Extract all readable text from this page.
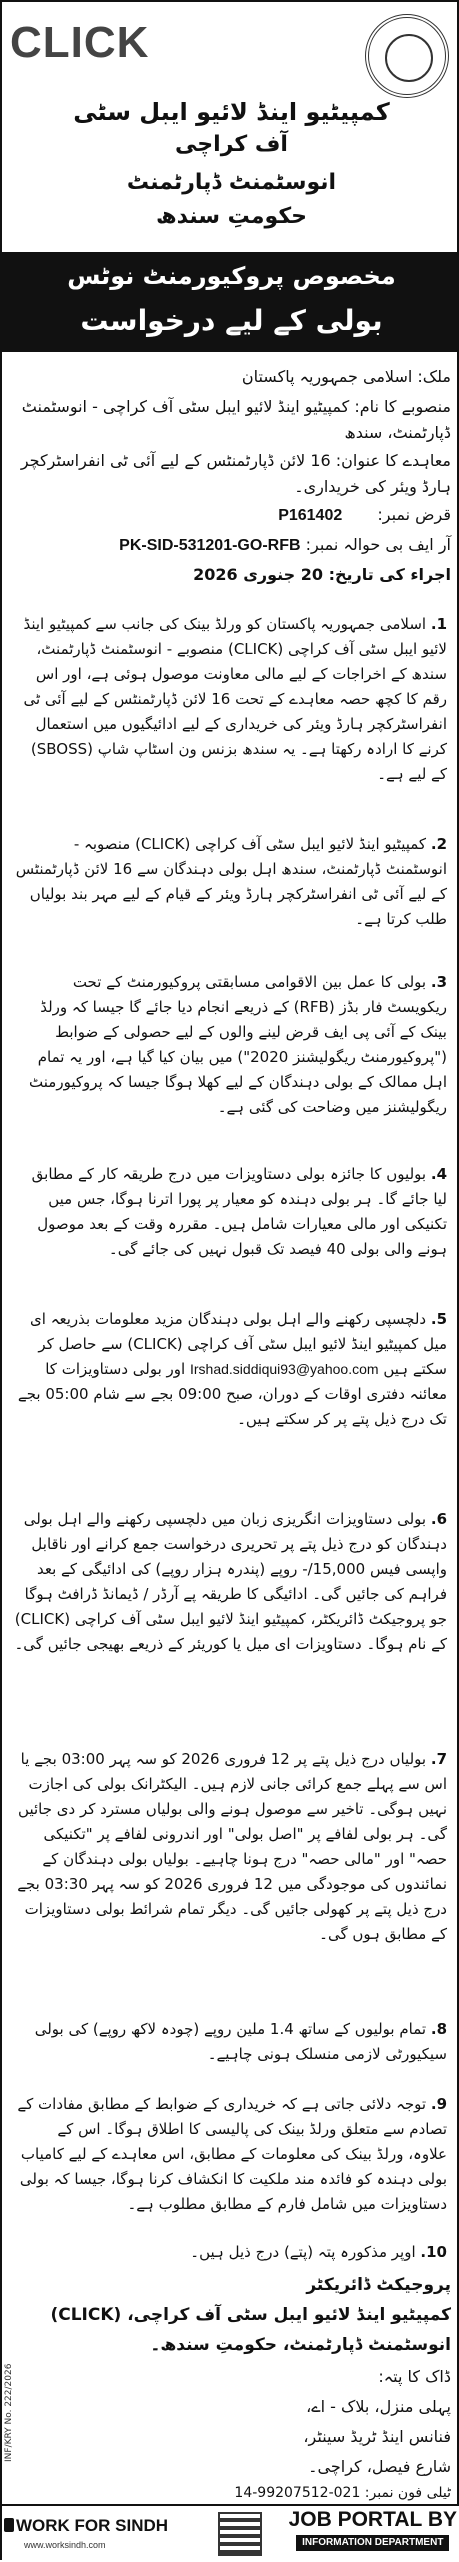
CLICK
کمپیٹیو اینڈ لائیو ایبل سٹی
آف کراچی
انوسٹمنٹ ڈپارٹمنٹ
حکومتِ سندھ
مخصوص پروکیورمنٹ نوٹس
بولی کے لیے درخواست
ملک: اسلامی جمہوریہ پاکستان
منصوبے کا نام: کمپیٹیو اینڈ لائیو ایبل سٹی آف کراچی - انوسٹمنٹ ڈپارٹمنٹ، سندھ
معاہدے کا عنوان: 16 لائن ڈپارٹمنٹس کے لیے آئی ٹی انفراسٹرکچر ہارڈ ویئر کی خریداری۔
قرض نمبر: P161402
آر ایف بی حوالہ نمبر: PK-SID-531201-GO-RFB
اجراء کی تاریخ: 20 جنوری 2026
1. اسلامی جمہوریہ پاکستان کو ورلڈ بینک کی جانب سے کمپیٹیو اینڈ لائیو ایبل سٹی آف کراچی (CLICK) منصوبے - انوسٹمنٹ ڈپارٹمنٹ، سندھ کے اخراجات کے لیے مالی معاونت موصول ہوئی ہے، اور اس رقم کا کچھ حصہ معاہدے کے تحت 16 لائن ڈپارٹمنٹس کے لیے آئی ٹی انفراسٹرکچر ہارڈ ویئر کی خریداری کے لیے ادائیگیوں میں استعمال کرنے کا ارادہ رکھتا ہے۔ یہ سندھ بزنس ون اسٹاپ شاپ (SBOSS) کے لیے ہے۔
2. کمپیٹیو اینڈ لائیو ایبل سٹی آف کراچی (CLICK) منصوبہ - انوسٹمنٹ ڈپارٹمنٹ، سندھ اہل بولی دہندگان سے 16 لائن ڈپارٹمنٹس کے لیے آئی ٹی انفراسٹرکچر ہارڈ ویئر کے قیام کے لیے مہر بند بولیاں طلب کرتا ہے۔
3. بولی کا عمل بین الاقوامی مسابقتی پروکیورمنٹ کے تحت ریکویسٹ فار بڈز (RFB) کے ذریعے انجام دیا جائے گا جیسا کہ ورلڈ بینک کے آئی پی ایف قرض لینے والوں کے لیے حصولی کے ضوابط ("پروکیورمنٹ ریگولیشنز 2020") میں بیان کیا گیا ہے، اور یہ تمام اہل ممالک کے بولی دہندگان کے لیے کھلا ہوگا جیسا کہ پروکیورمنٹ ریگولیشنز میں وضاحت کی گئی ہے۔
4. بولیوں کا جائزہ بولی دستاویزات میں درج طریقہ کار کے مطابق لیا جائے گا۔ ہر بولی دہندہ کو معیار پر پورا اترنا ہوگا، جس میں تکنیکی اور مالی معیارات شامل ہیں۔ مقررہ وقت کے بعد موصول ہونے والی بولی 40 فیصد تک قبول نہیں کی جائے گی۔
5. دلچسپی رکھنے والے اہل بولی دہندگان مزید معلومات بذریعہ ای میل کمپیٹیو اینڈ لائیو ایبل سٹی آف کراچی (CLICK) سے حاصل کر سکتے ہیں Irshad.siddiqui93@yahoo.com اور بولی دستاویزات کا معائنہ دفتری اوقات کے دوران، صبح 09:00 بجے سے شام 05:00 بجے تک درج ذیل پتے پر کر سکتے ہیں۔
6. بولی دستاویزات انگریزی زبان میں دلچسپی رکھنے والے اہل بولی دہندگان کو درج ذیل پتے پر تحریری درخواست جمع کرانے اور ناقابل واپسی فیس 15,000/- روپے (پندرہ ہزار روپے) کی ادائیگی کے بعد فراہم کی جائیں گی۔ ادائیگی کا طریقہ پے آرڈر / ڈیمانڈ ڈرافٹ ہوگا جو پروجیکٹ ڈائریکٹر، کمپیٹیو اینڈ لائیو ایبل سٹی آف کراچی (CLICK) کے نام ہوگا۔ دستاویزات ای میل یا کوریئر کے ذریعے بھیجی جائیں گی۔
7. بولیاں درج ذیل پتے پر 12 فروری 2026 کو سہ پہر 03:00 بجے یا اس سے پہلے جمع کرائی جانی لازم ہیں۔ الیکٹرانک بولی کی اجازت نہیں ہوگی۔ تاخیر سے موصول ہونے والی بولیاں مسترد کر دی جائیں گی۔ ہر بولی لفافے پر "اصل بولی" اور اندرونی لفافے پر "تکنیکی حصہ" اور "مالی حصہ" درج ہونا چاہیے۔ بولیاں بولی دہندگان کے نمائندوں کی موجودگی میں 12 فروری 2026 کو سہ پہر 03:30 بجے درج ذیل پتے پر کھولی جائیں گی۔ دیگر تمام شرائط بولی دستاویزات کے مطابق ہوں گی۔
8. تمام بولیوں کے ساتھ 1.4 ملین روپے (چودہ لاکھ روپے) کی بولی سیکیورٹی لازمی منسلک ہونی چاہیے۔
9. توجہ دلائی جاتی ہے کہ خریداری کے ضوابط کے مطابق مفادات کے تصادم سے متعلق ورلڈ بینک کی پالیسی کا اطلاق ہوگا۔ اس کے علاوہ، ورلڈ بینک کی معلومات کے مطابق، اس معاہدے کے لیے کامیاب بولی دہندہ کو فائدہ مند ملکیت کا انکشاف کرنا ہوگا، جیسا کہ بولی دستاویزات میں شامل فارم کے مطابق مطلوب ہے۔
10. اوپر مذکورہ پتہ (پتے) درج ذیل ہیں۔
پروجیکٹ ڈائریکٹر
کمپیٹیو اینڈ لائیو ایبل سٹی آف کراچی، (CLICK)
انوسٹمنٹ ڈپارٹمنٹ، حکومتِ سندھ۔
ڈاک کا پتہ:
پہلی منزل، بلاک - اے،
فنانس اینڈ ٹریڈ سینٹر،
شارع فیصل، کراچی۔
ٹیلی فون نمبر: 021-99207512-14
INF/KRY No. 222/2026
WORK FOR SINDH
www.worksindh.com
JOB PORTAL BY
INFORMATION DEPARTMENT
